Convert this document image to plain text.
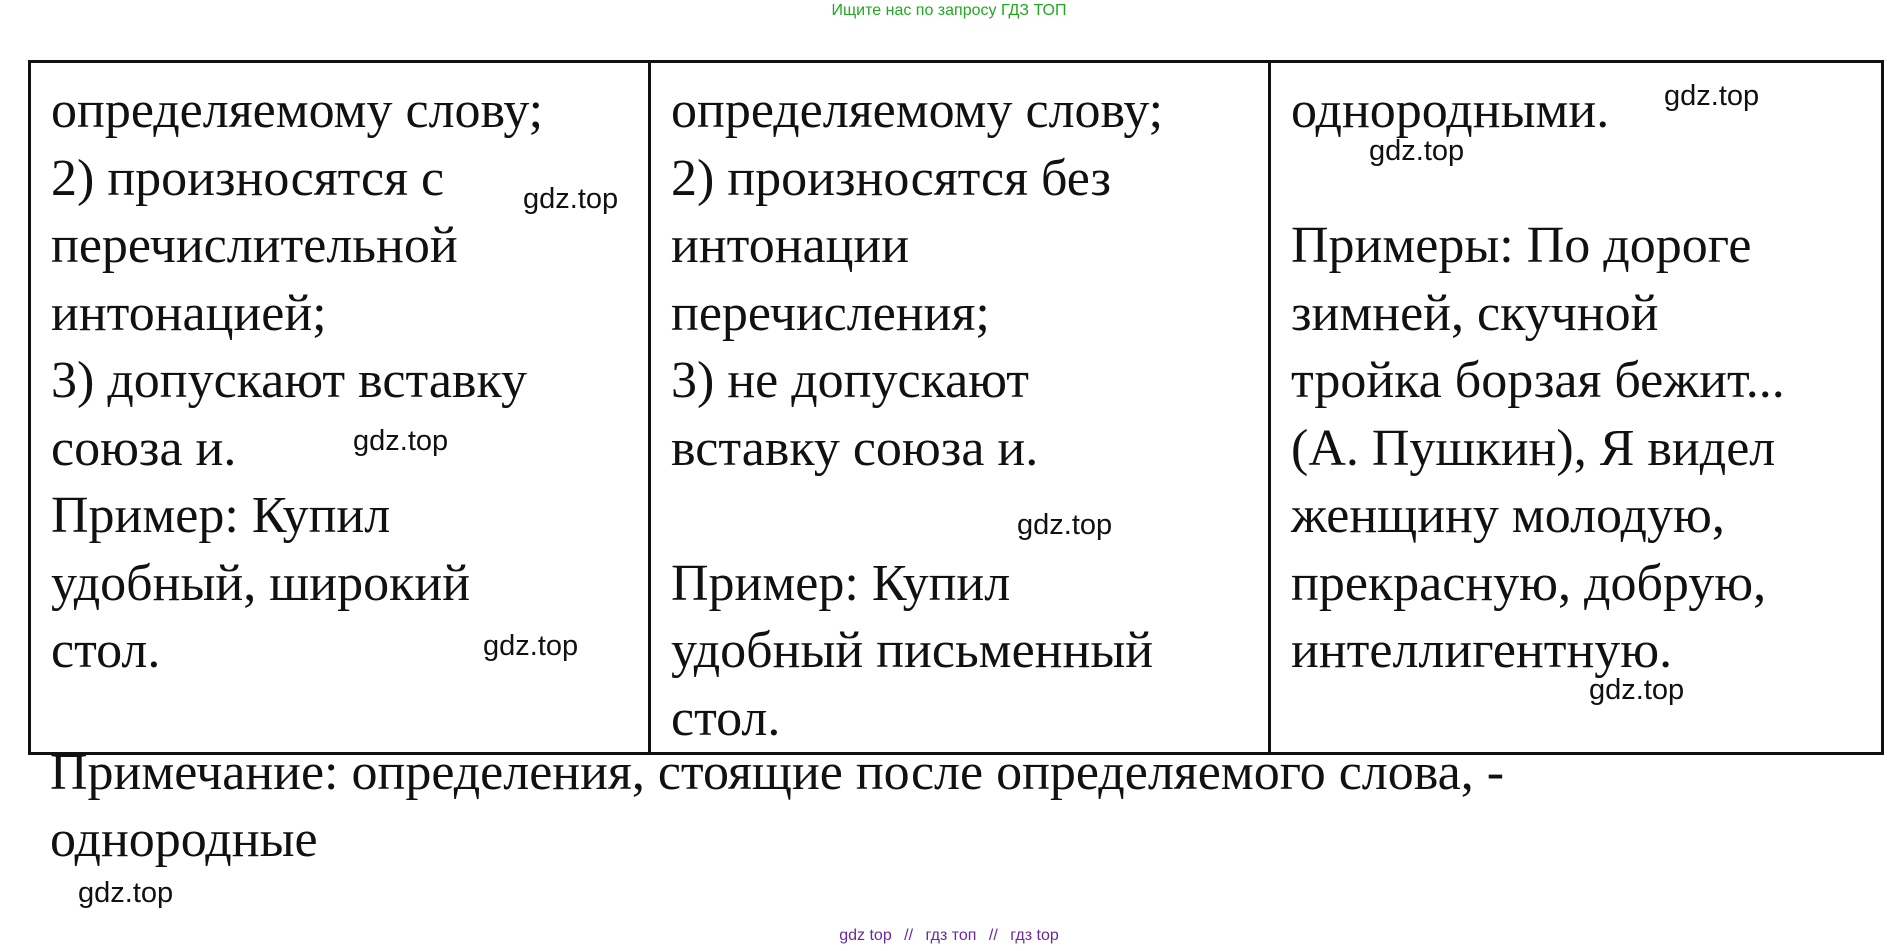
Ищите нас по запросу ГДЗ ТОП
определяемому слову;
2) произносятся с
перечислительной
интонацией;
3) допускают вставку
союза и.
Пример: Купил
удобный, широкий
стол.
gdz.top
gdz.top
gdz.top

определяемому слову;
2) произносятся без
интонации
перечисления;
3) не допускают
вставку союза и.
Пример: Купил
удобный письменный
стол.
gdz.top

однородными.
Примеры: По дороге
зимней, скучной
тройка борзая бежит...
(А. Пушкин), Я видел
женщину молодую,
прекрасную, добрую,
интеллигентную.
gdz.top
gdz.top
gdz.top
Примечание: определения, стоящие после определяемого слова, -
однородные
gdz.top
gdz top // гдз топ // гдз top
